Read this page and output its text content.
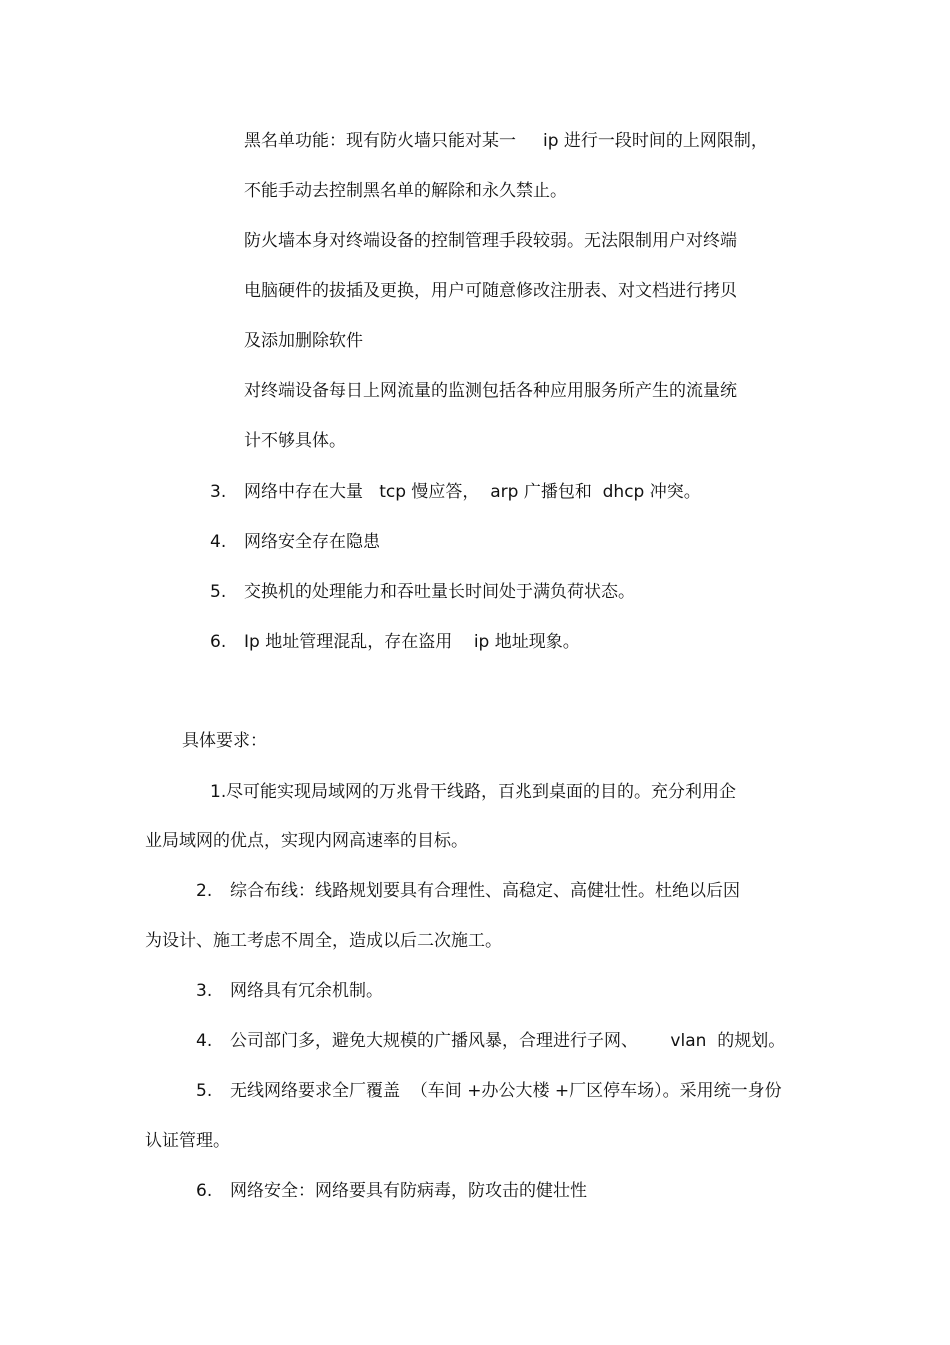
黑名单功能：现有防火墙只能对某一     ip 进行一段时间的上网限制，
不能手动去控制黑名单的解除和永久禁止。
防火墙本身对终端设备的控制管理手段较弱。无法限制用户对终端
电脑硬件的拔插及更换，用户可随意修改注册表、对文档进行拷贝
及添加删除软件
对终端设备每日上网流量的监测包括各种应用服务所产生的流量统
计不够具体。
3. 网络中存在大量   tcp 慢应答，  arp 广播包和  dhcp 冲突。
4. 网络安全存在隐患
5. 交换机的处理能力和吞吐量长时间处于满负荷状态。
6. Ip 地址管理混乱，存在盗用    ip 地址现象。
具体要求：
1. 尽可能实现局域网的万兆骨干线路，百兆到桌面的目的。充分利用企
业局域网的优点，实现内网高速率的目标。
2. 综合布线：线路规划要具有合理性、高稳定、高健壮性。杜绝以后因
为设计、施工考虑不周全，造成以后二次施工。
3. 网络具有冗余机制。
4. 公司部门多，避免大规模的广播风暴，合理进行子网、      vlan  的规划。
5. 无线网络要求全厂覆盖  （车间 +办公大楼 +厂区停车场）。采用统一身份
认证管理。
6. 网络安全：网络要具有防病毒，防攻击的健壮性
